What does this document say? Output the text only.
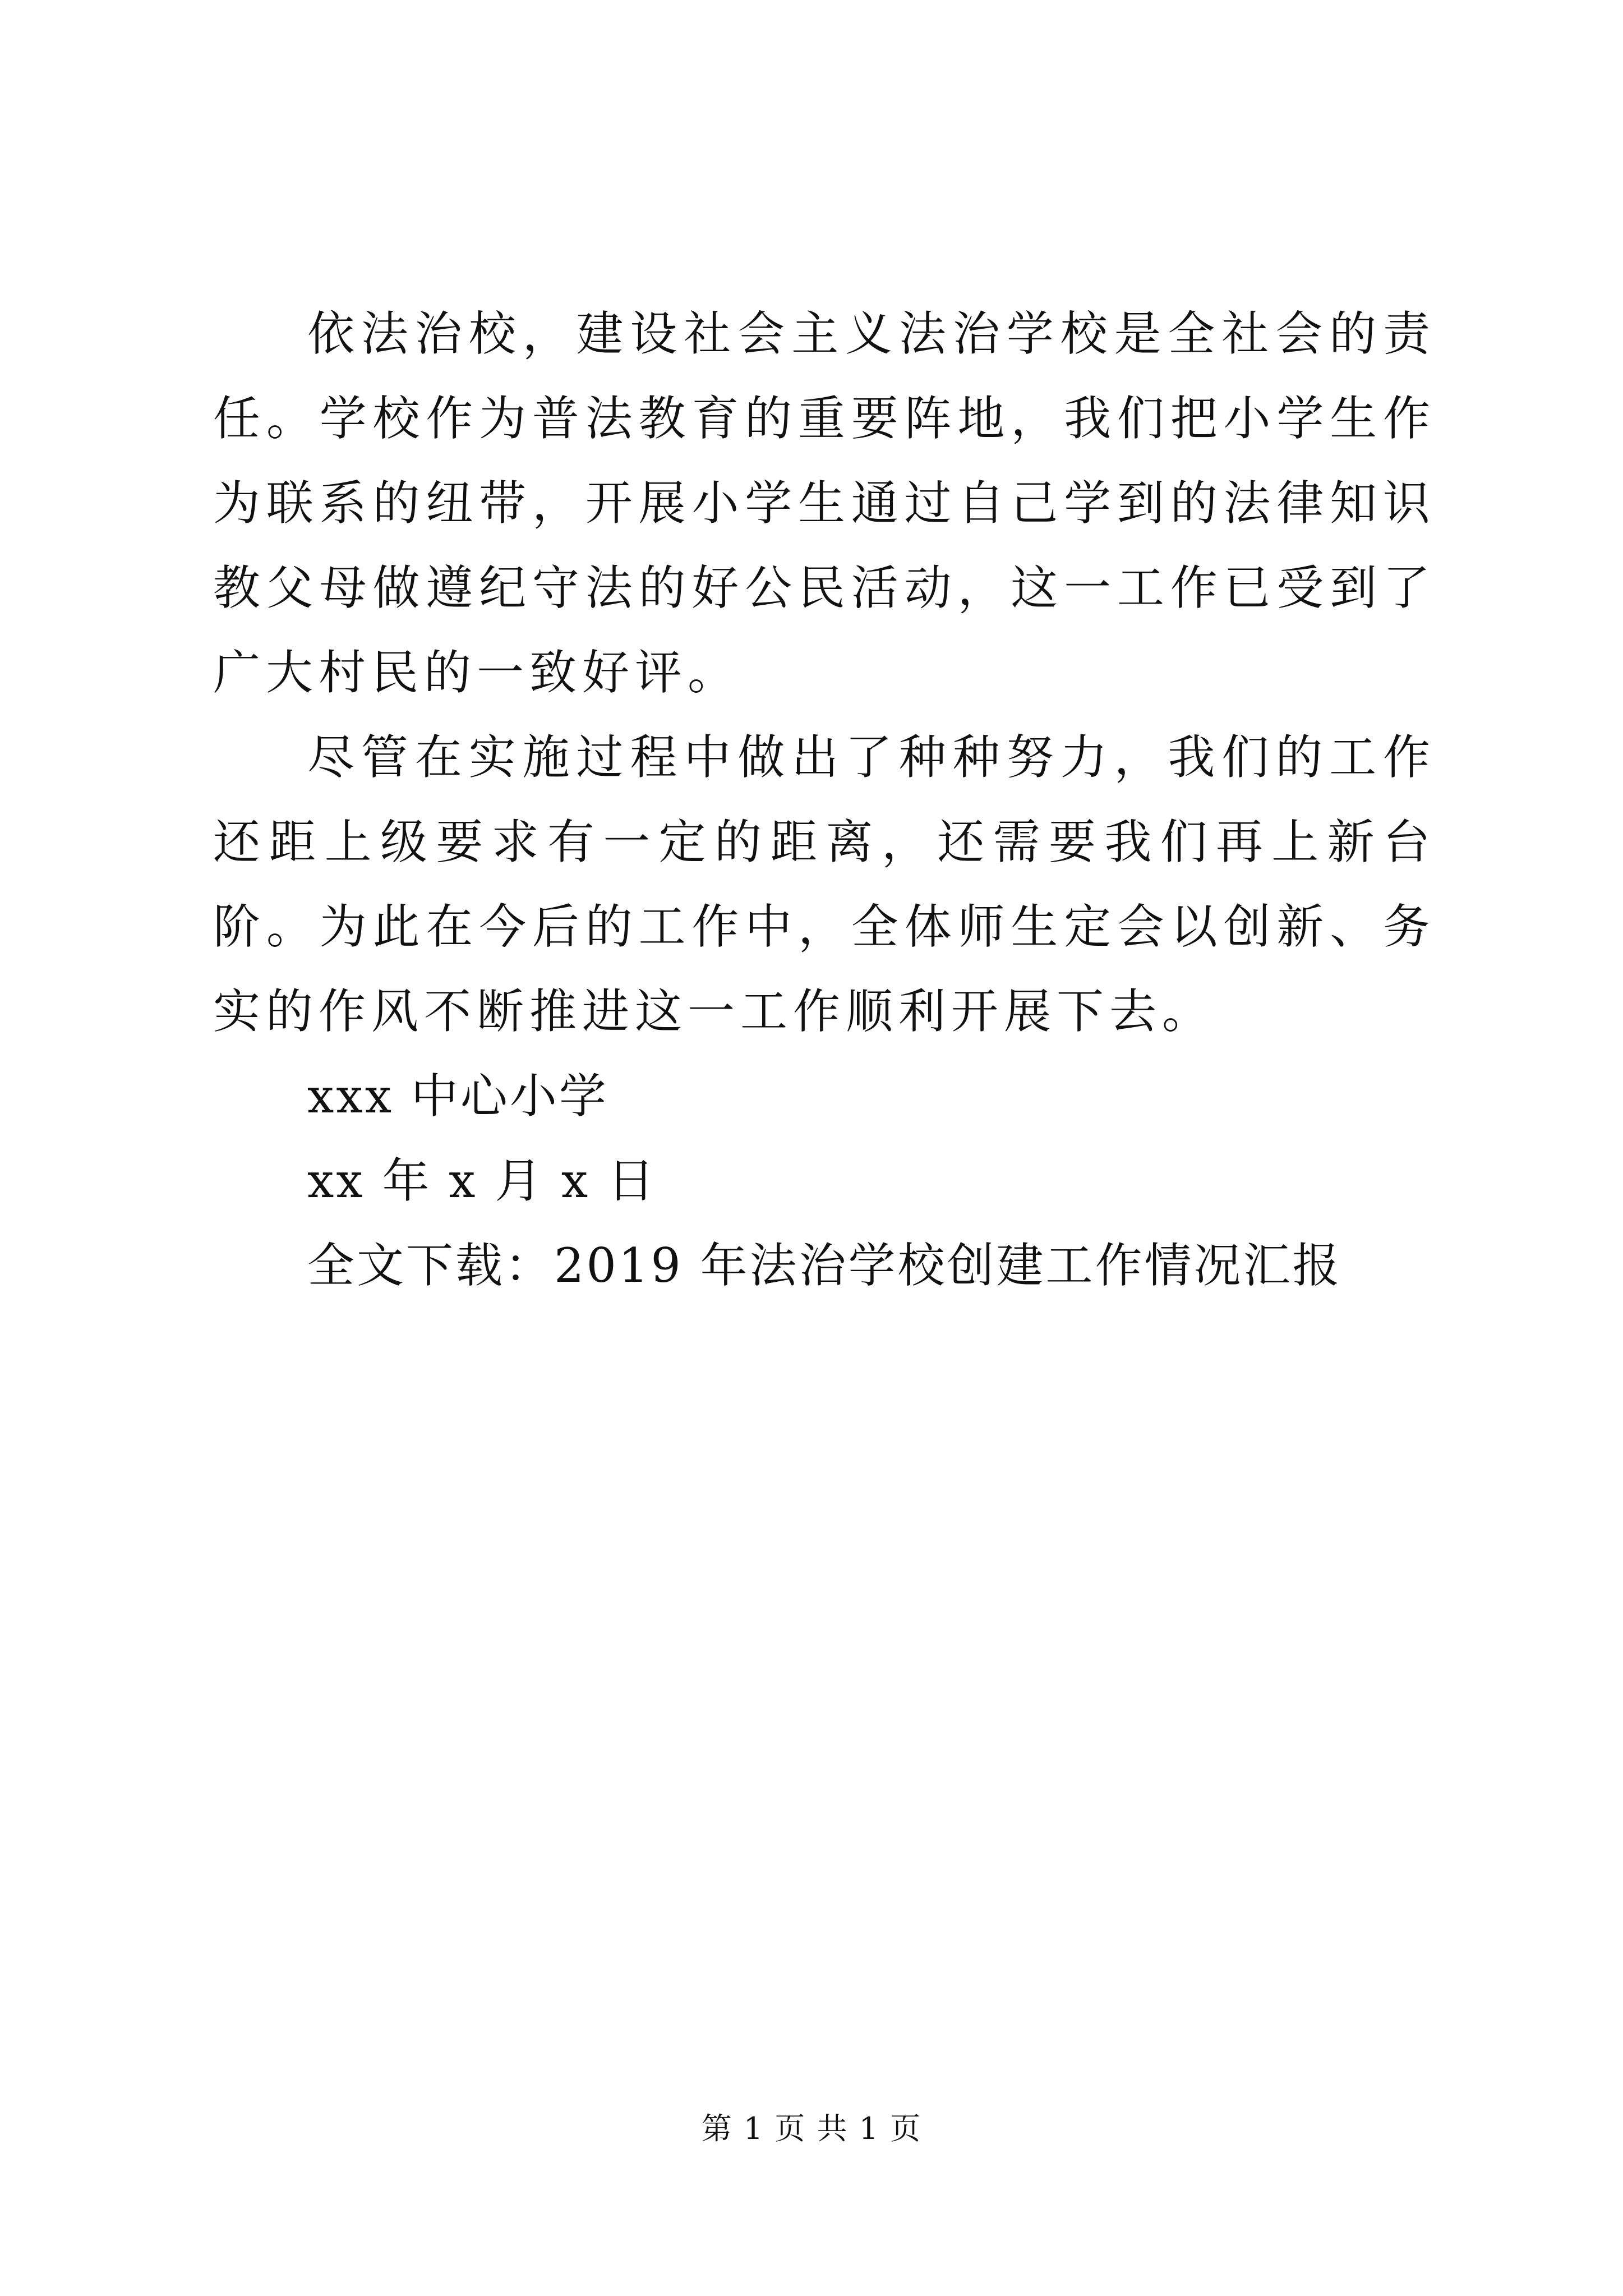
依法治校，建设社会主义法治学校是全社会的责任。学校作为普法教育的重要阵地，我们把小学生作为联系的纽带，开展小学生通过自己学到的法律知识教父母做遵纪守法的好公民活动，这一工作已受到了广大村民的一致好评。

尽管在实施过程中做出了种种努力，我们的工作还距上级要求有一定的距离，还需要我们再上新台阶。为此在今后的工作中，全体师生定会以创新、务实的作风不断推进这一工作顺利开展下去。

xxx 中心小学

xx 年 x 月 x 日

全文下载：2019 年法治学校创建工作情况汇报

第 1 页 共 1 页
